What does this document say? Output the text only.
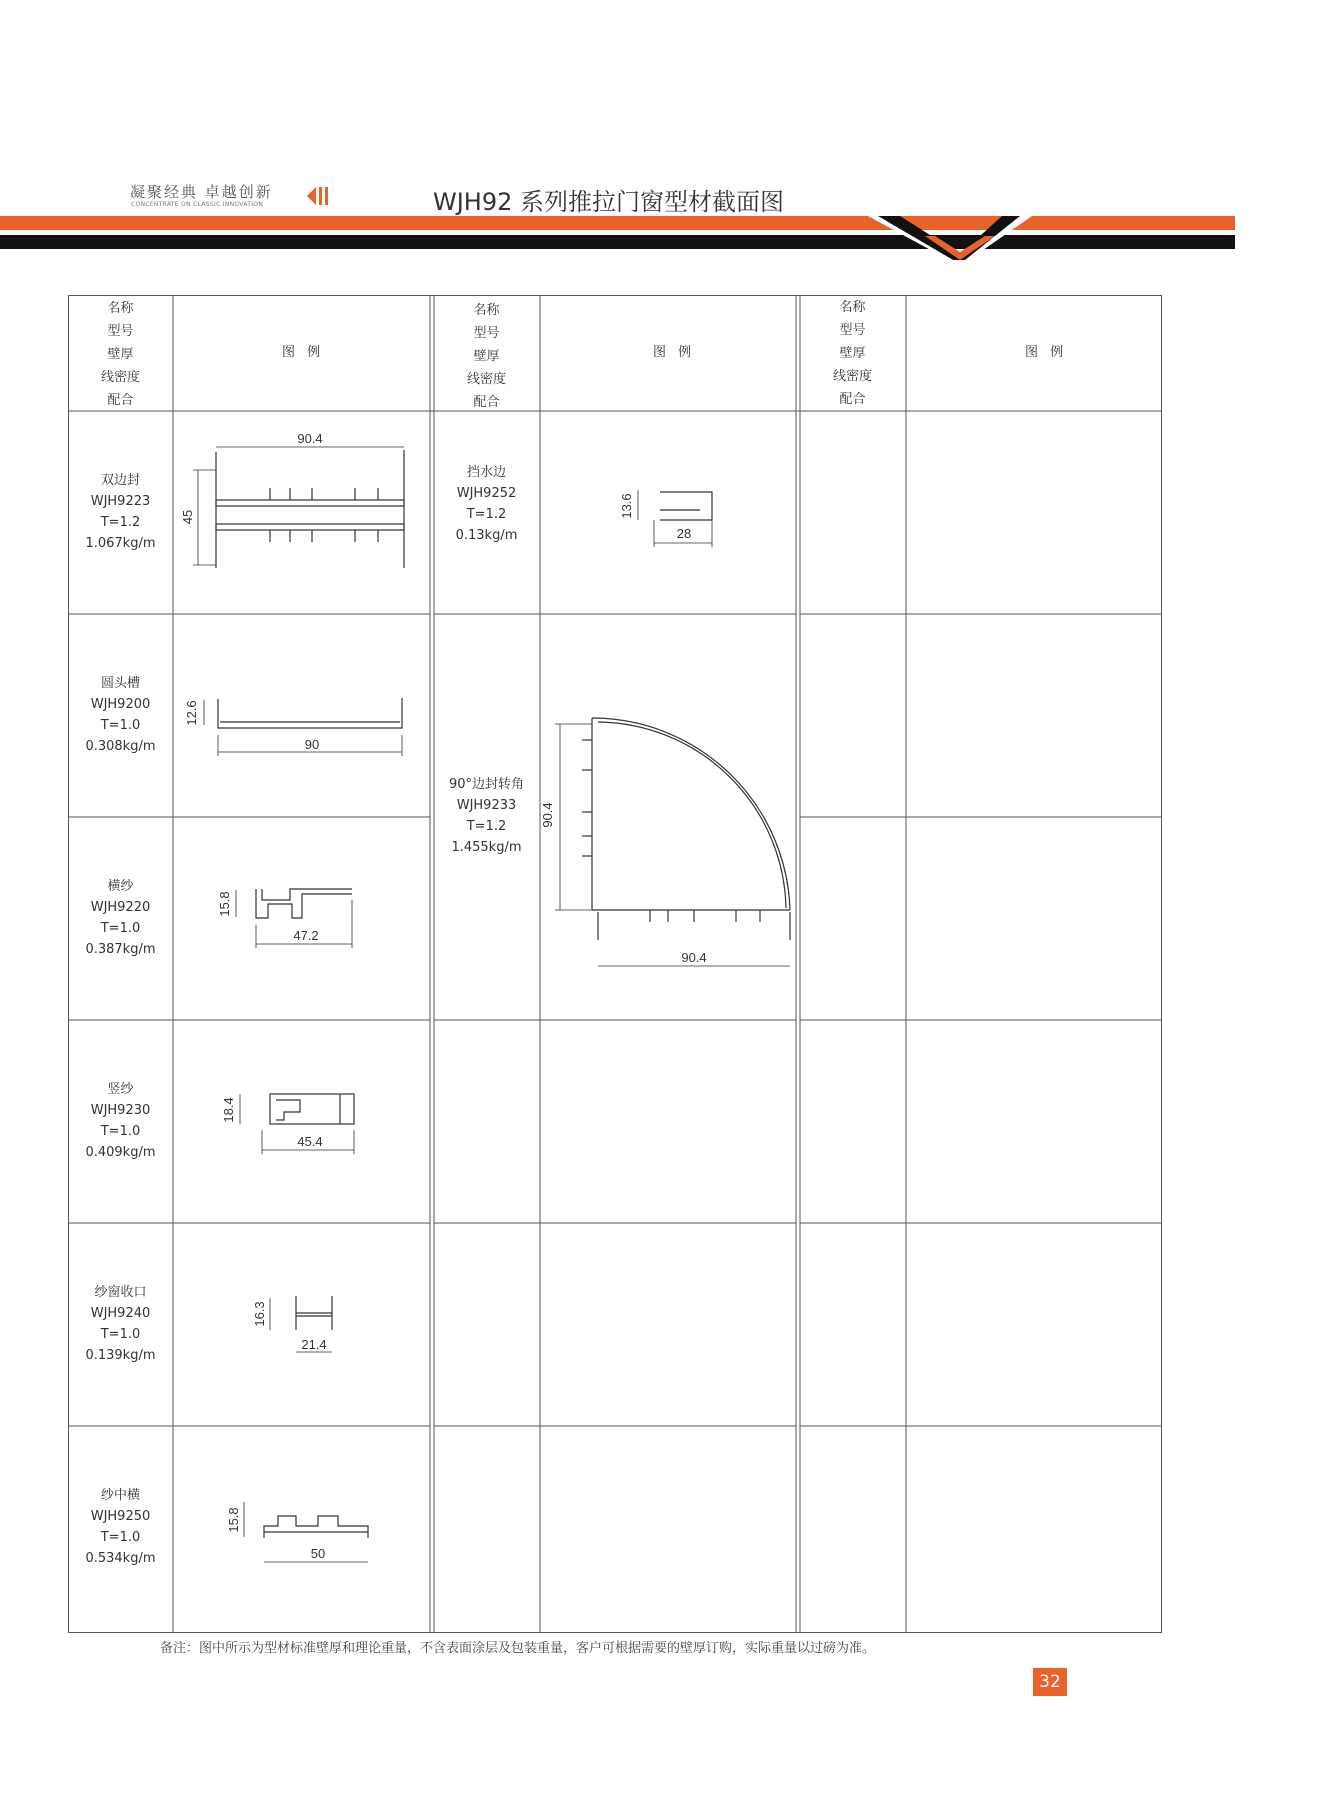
凝聚经典 卓越创新
CONCENTRATE ON CLASSIC INNOVATION	WJH92 系列推拉门窗型材截面图
名称
型号
壁厚
线密度
配合
图 例
名称
型号
壁厚
线密度
配合
图 例
名称
型号
壁厚
线密度
配合
图 例
双边封
WJH9223
T=1.2
1.067kg/m
圆头槽
WJH9200
T=1.0
0.308kg/m
横纱
WJH9220
T=1.0
0.387kg/m
竖纱
WJH9230
T=1.0
0.409kg/m
纱窗收口
WJH9240
T=1.0
0.139kg/m
纱中横
WJH9250
T=1.0
0.534kg/m
挡水边
WJH9252
T=1.2
0.13kg/m
90°边封转角
WJH9233
T=1.2
1.455kg/m
90.4
45
90
12.6
47.2
15.8
45.4
18.4
21.4
16.3
50
15.8
28
13.6
90.4
90.4
备注：图中所示为型材标准壁厚和理论重量，不含表面涂层及包装重量，客户可根据需要的壁厚订购，实际重量以过磅为准。
32
